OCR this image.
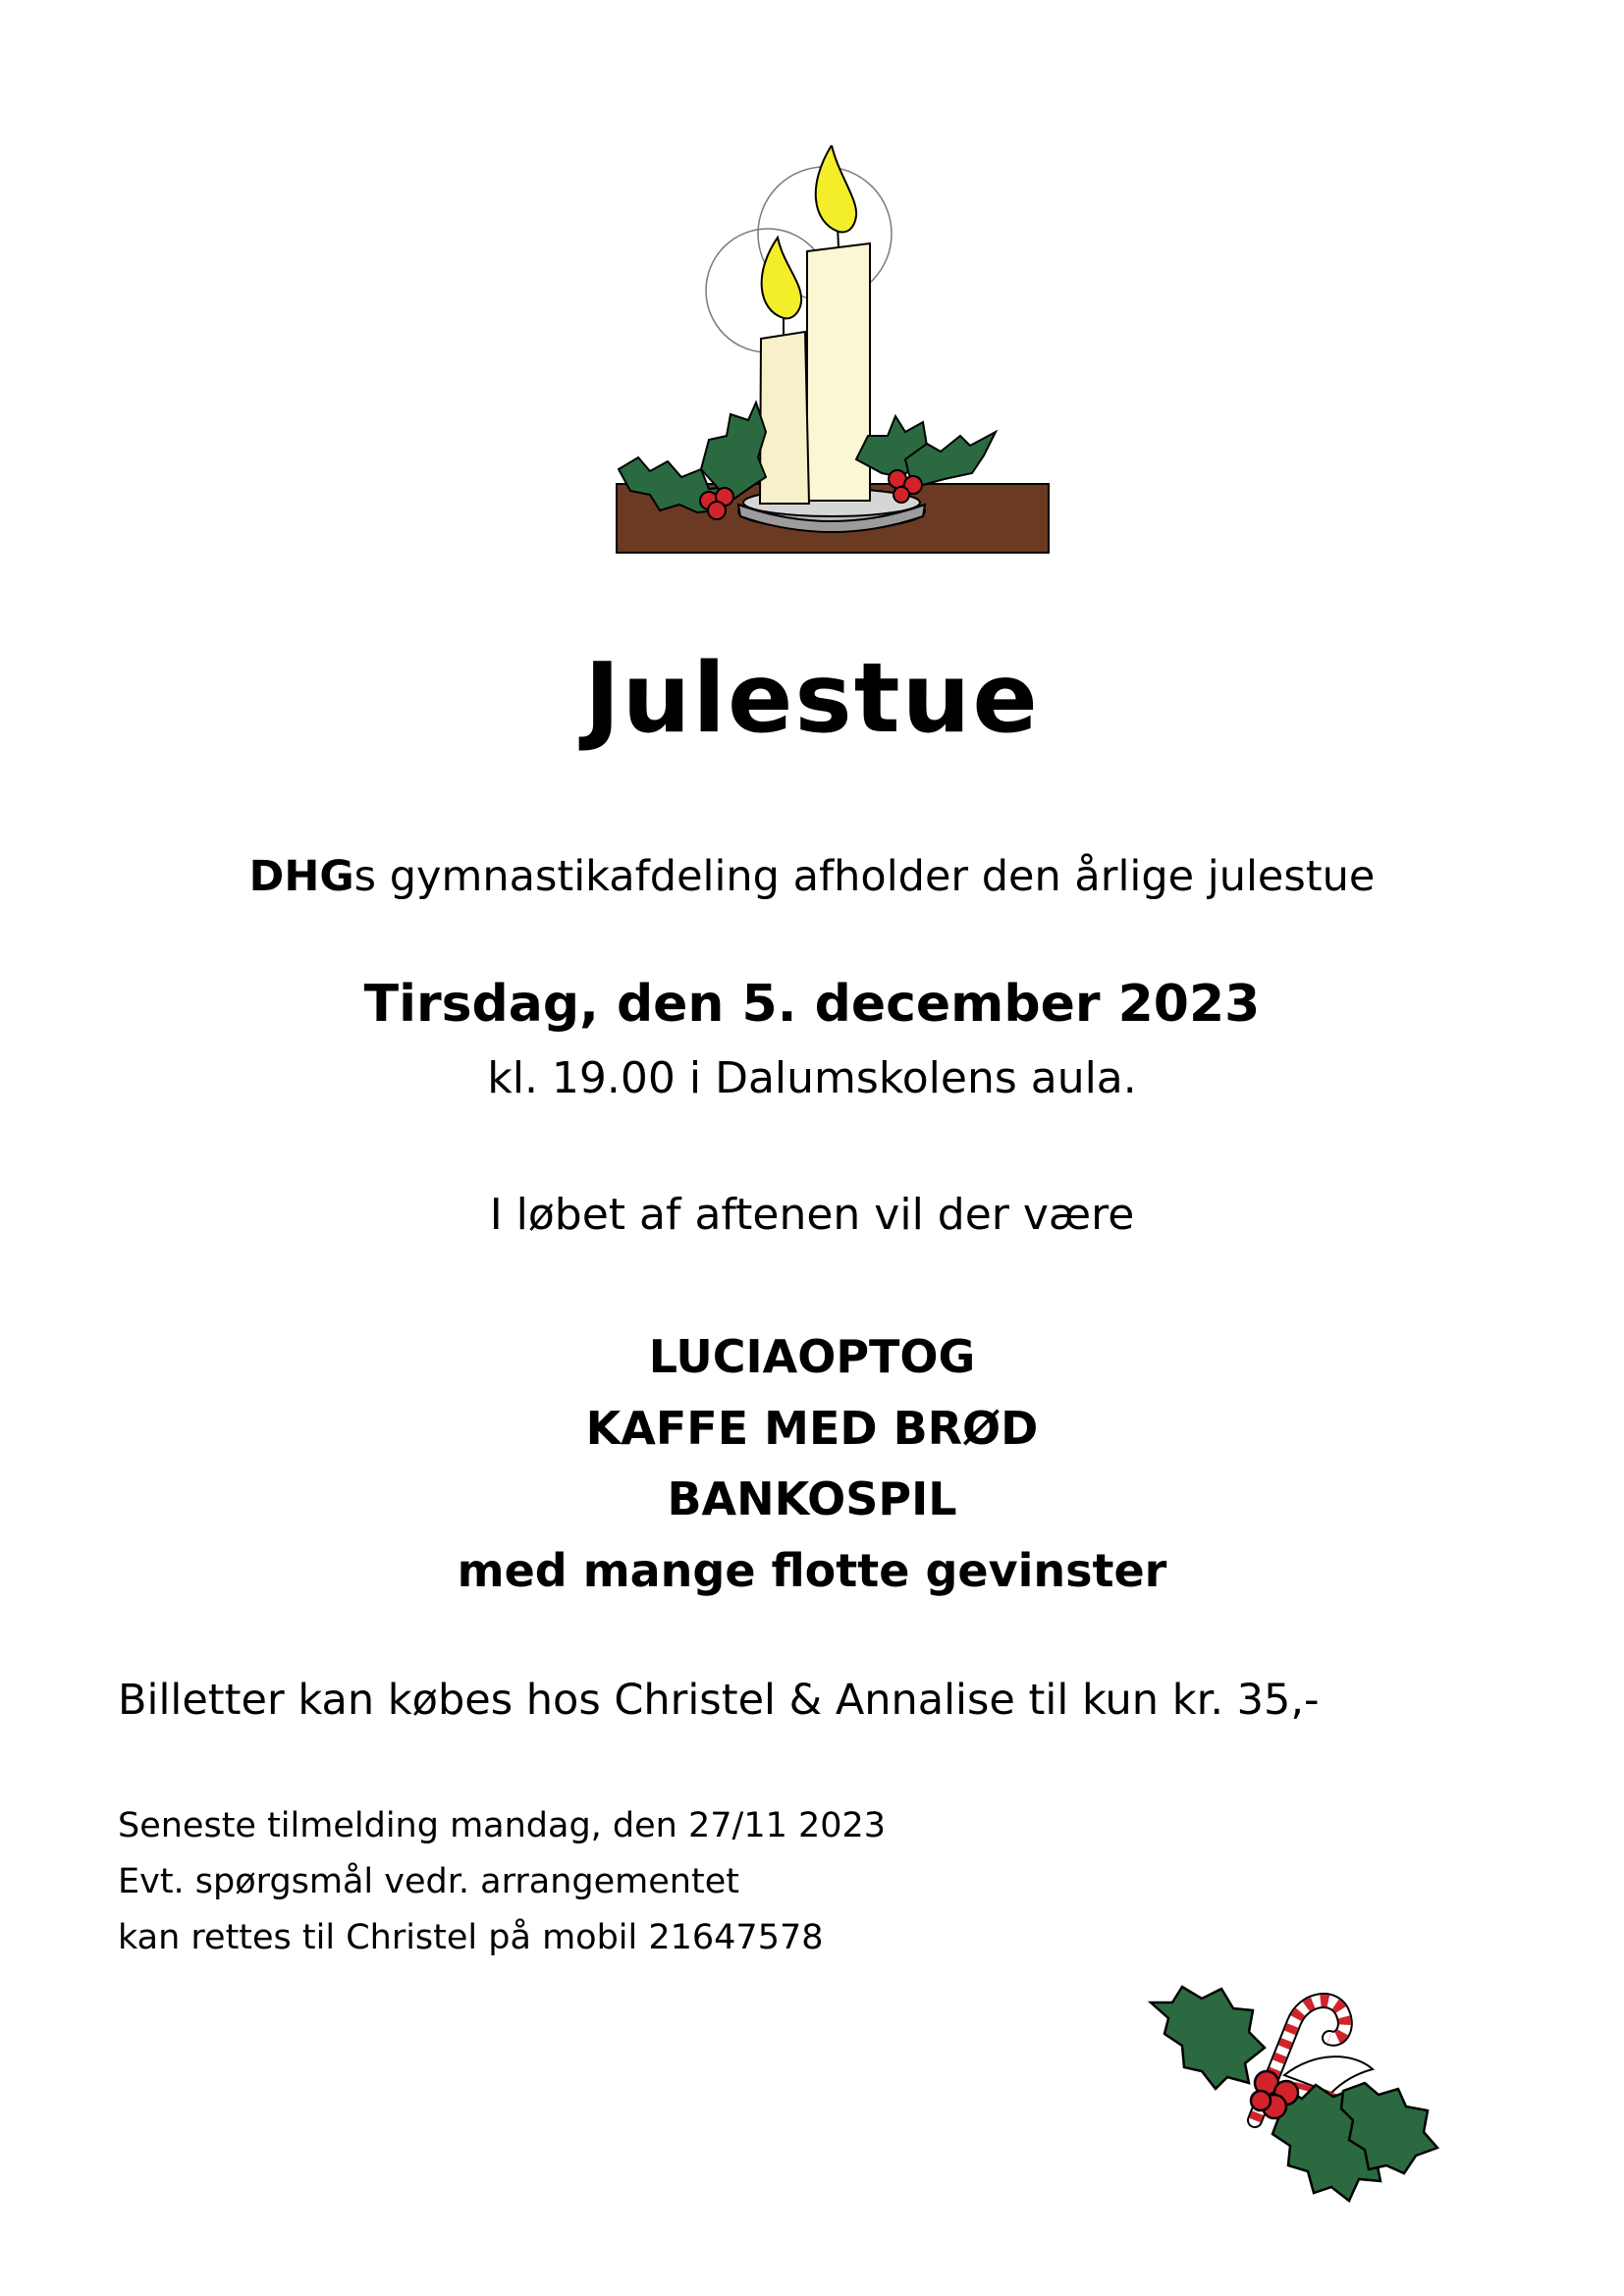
Julestue
DHGs gymnastikafdeling afholder den årlige julestue
Tirsdag, den 5. december 2023
kl. 19.00 i Dalumskolens aula.
I løbet af aftenen vil der være
LUCIAOPTOG
KAFFE MED BRØD
BANKOSPIL
med mange flotte gevinster
Billetter kan købes hos Christel & Annalise til kun kr. 35,-
Seneste tilmelding mandag, den 27/11 2023
Evt. spørgsmål vedr. arrangementet
kan rettes til Christel på mobil 21647578
